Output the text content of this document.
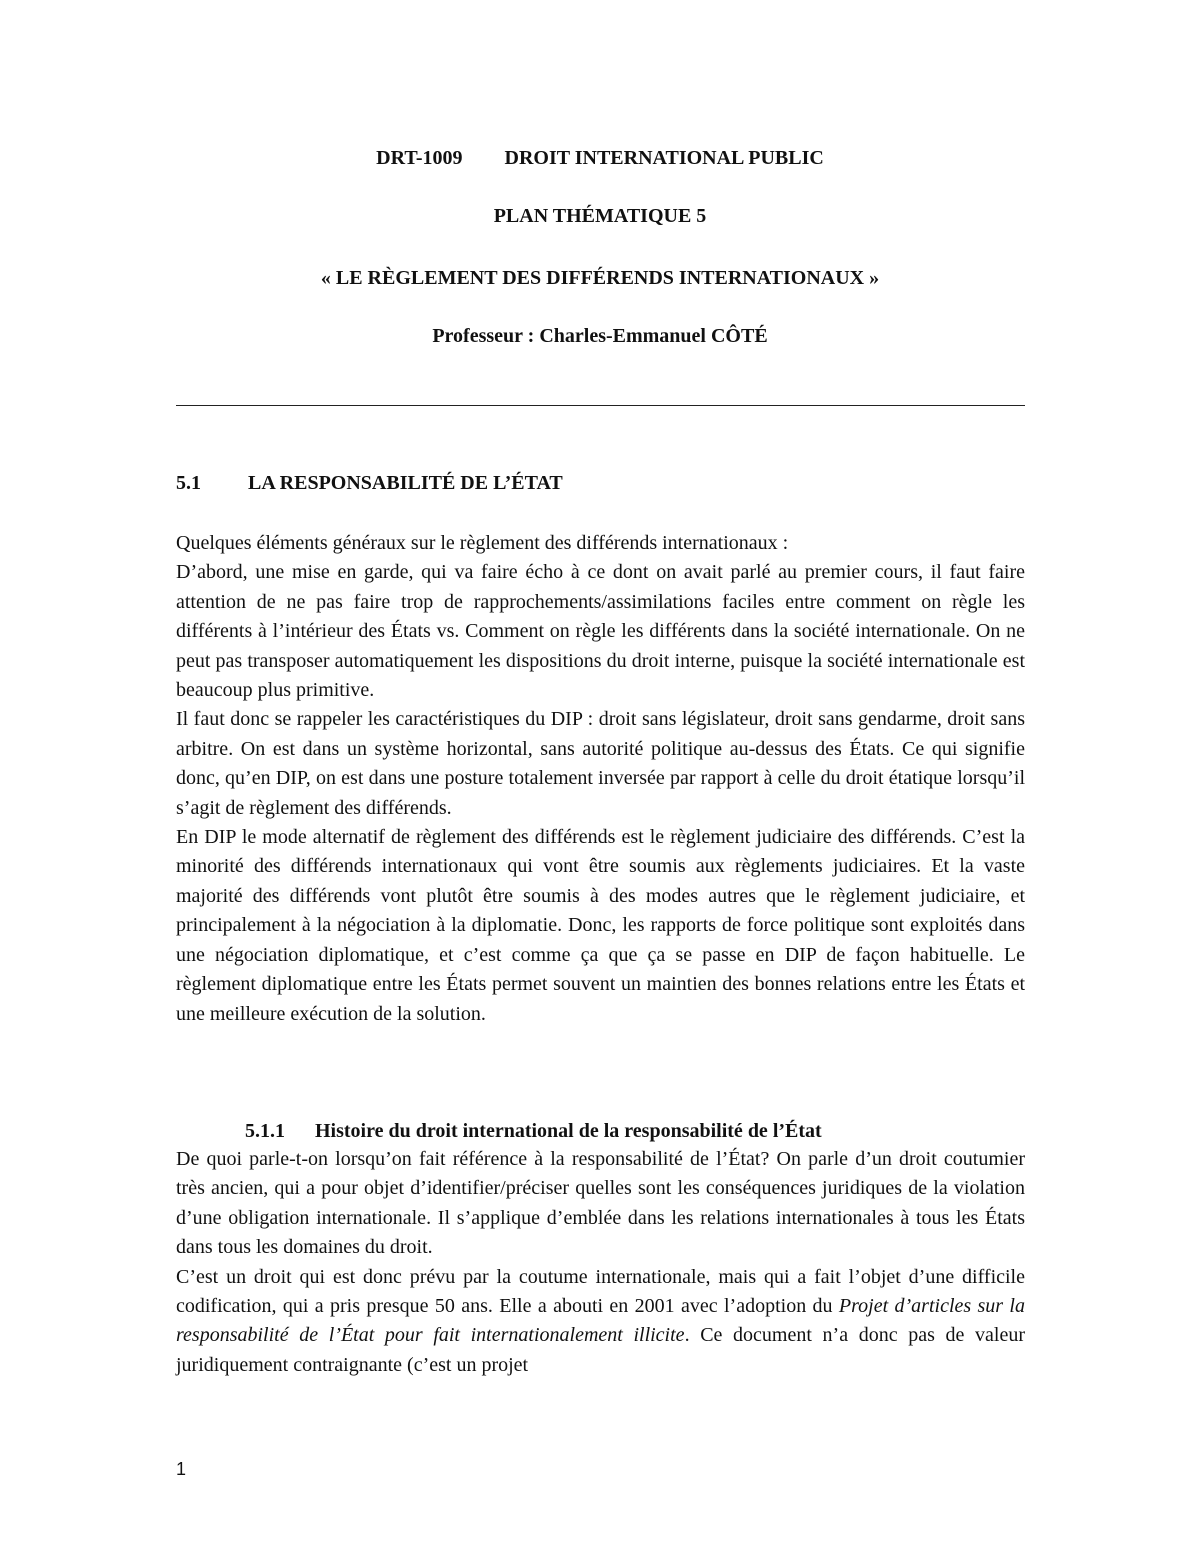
DRT-1009 DROIT INTERNATIONAL PUBLIC
PLAN THÉMATIQUE 5
« LE RÈGLEMENT DES DIFFÉRENDS INTERNATIONAUX »
Professeur : Charles-Emmanuel CÔTÉ
5.1 LA RESPONSABILITÉ DE L’ÉTAT

Quelques éléments généraux sur le règlement des différends internationaux :

D’abord, une mise en garde, qui va faire écho à ce dont on avait parlé au premier cours, il faut faire attention de ne pas faire trop de rapprochements/assimilations faciles entre comment on règle les différents à l’intérieur des États vs. Comment on règle les différents dans la société internationale. On ne peut pas transposer automatiquement les dispositions du droit interne, puisque la société internationale est beaucoup plus primitive.

Il faut donc se rappeler les caractéristiques du DIP : droit sans législateur, droit sans gendarme, droit sans arbitre. On est dans un système horizontal, sans autorité politique au-dessus des États. Ce qui signifie donc, qu’en DIP, on est dans une posture totalement inversée par rapport à celle du droit étatique lorsqu’il s’agit de règlement des différends.

En DIP le mode alternatif de règlement des différends est le règlement judiciaire des différends. C’est la minorité des différends internationaux qui vont être soumis aux règlements judiciaires. Et la vaste majorité des différends vont plutôt être soumis à des modes autres que le règlement judiciaire, et principalement à la négociation à la diplomatie. Donc, les rapports de force politique sont exploités dans une négociation diplomatique, et c’est comme ça que ça se passe en DIP de façon habituelle. Le règlement diplomatique entre les États permet souvent un maintien des bonnes relations entre les États et une meilleure exécution de la solution.

5.1.1 Histoire du droit international de la responsabilité de l’État

De quoi parle-t-on lorsqu’on fait référence à la responsabilité de l’État? On parle d’un droit coutumier très ancien, qui a pour objet d’identifier/préciser quelles sont les conséquences juridiques de la violation d’une obligation internationale. Il s’applique d’emblée dans les relations internationales à tous les États dans tous les domaines du droit.

C’est un droit qui est donc prévu par la coutume internationale, mais qui a fait l’objet d’une difficile codification, qui a pris presque 50 ans. Elle a abouti en 2001 avec l’adoption du Projet d’articles sur la responsabilité de l’État pour fait internationalement illicite. Ce document n’a donc pas de valeur juridiquement contraignante (c’est un projet

1
